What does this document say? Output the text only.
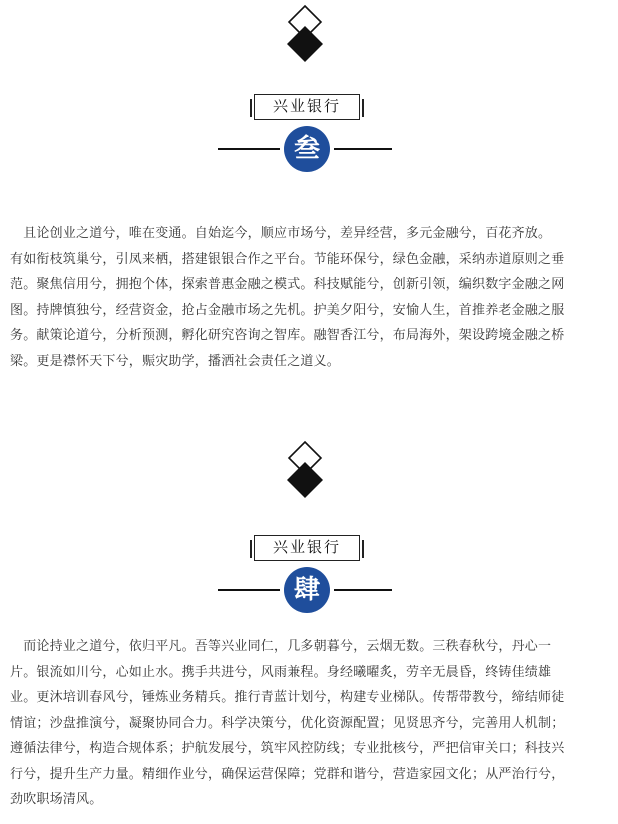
兴业银行
叁
　且论创业之道兮，唯在变通。自始迄今，顺应市场兮，差异经营，多元金融兮，百花齐放。
有如衔枝筑巢兮，引凤来栖，搭建银银合作之平台。节能环保兮，绿色金融，采纳赤道原则之垂
范。聚焦信用兮，拥抱个体，探索普惠金融之模式。科技赋能兮，创新引领，编织数字金融之网
图。持牌慎独兮，经营资金，抢占金融市场之先机。护美夕阳兮，安愉人生，首推养老金融之服
务。献策论道兮，分析预测，孵化研究咨询之智库。融智香江兮，布局海外，架设跨境金融之桥
梁。更是襟怀天下兮，赈灾助学，播洒社会责任之道义。
兴业银行
肆
　而论持业之道兮，依归平凡。吾等兴业同仁，几多朝暮兮，云烟无数。三秩春秋兮，丹心一
片。银流如川兮，心如止水。携手共进兮，风雨兼程。身经曦曜炙，劳辛无晨昏，终铸佳绩雄
业。更沐培训春风兮，锤炼业务精兵。推行青蓝计划兮，构建专业梯队。传帮带教兮，缔结师徒
情谊；沙盘推演兮，凝聚协同合力。科学决策兮，优化资源配置；见贤思齐兮，完善用人机制；
遵循法律兮，构造合规体系；护航发展兮，筑牢风控防线；专业批核兮，严把信审关口；科技兴
行兮，提升生产力量。精细作业兮，确保运营保障；党群和谐兮，营造家园文化；从严治行兮，
劲吹职场清风。
